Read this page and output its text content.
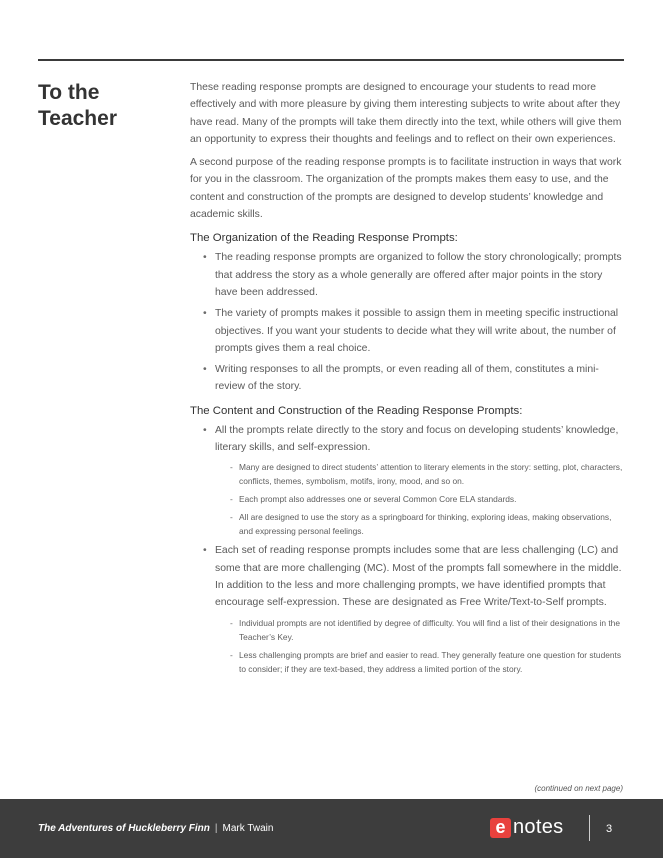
To the Teacher

These reading response prompts are designed to encourage your students to read more effectively and with more pleasure by giving them interesting subjects to write about after they have read. Many of the prompts will take them directly into the text, while others will give them an opportunity to express their thoughts and feelings and to reflect on their own experiences.

A second purpose of the reading response prompts is to facilitate instruction in ways that work for you in the classroom. The organization of the prompts makes them easy to use, and the content and construction of the prompts are designed to develop students’ knowledge and academic skills.

The Organization of the Reading Response Prompts:
• The reading response prompts are organized to follow the story chronologically; prompts that address the story as a whole generally are offered after major points in the story have been addressed.
• The variety of prompts makes it possible to assign them in meeting specific instructional objectives. If you want your students to decide what they will write about, the number of prompts gives them a real choice.
• Writing responses to all the prompts, or even reading all of them, constitutes a mini-review of the story.
The Content and Construction of the Reading Response Prompts:
• All the prompts relate directly to the story and focus on developing students’ knowledge, literary skills, and self-expression.
- Many are designed to direct students’ attention to literary elements in the story: setting, plot, characters, conflicts, themes, symbolism, motifs, irony, mood, and so on.
- Each prompt also addresses one or several Common Core ELA standards.
- All are designed to use the story as a springboard for thinking, exploring ideas, making observations, and expressing personal feelings.
• Each set of reading response prompts includes some that are less challenging (LC) and some that are more challenging (MC). Most of the prompts fall somewhere in the middle. In addition to the less and more challenging prompts, we have identified prompts that encourage self-expression. These are designated as Free Write/Text-to-Self prompts.
- Individual prompts are not identified by degree of difficulty. You will find a list of their designations in the Teacher’s Key.
- Less challenging prompts are brief and easier to read. They generally feature one question for students to consider; if they are text-based, they address a limited portion of the story.
(continued on next page)
The Adventures of Huckleberry Finn | Mark Twain	e notes	3
